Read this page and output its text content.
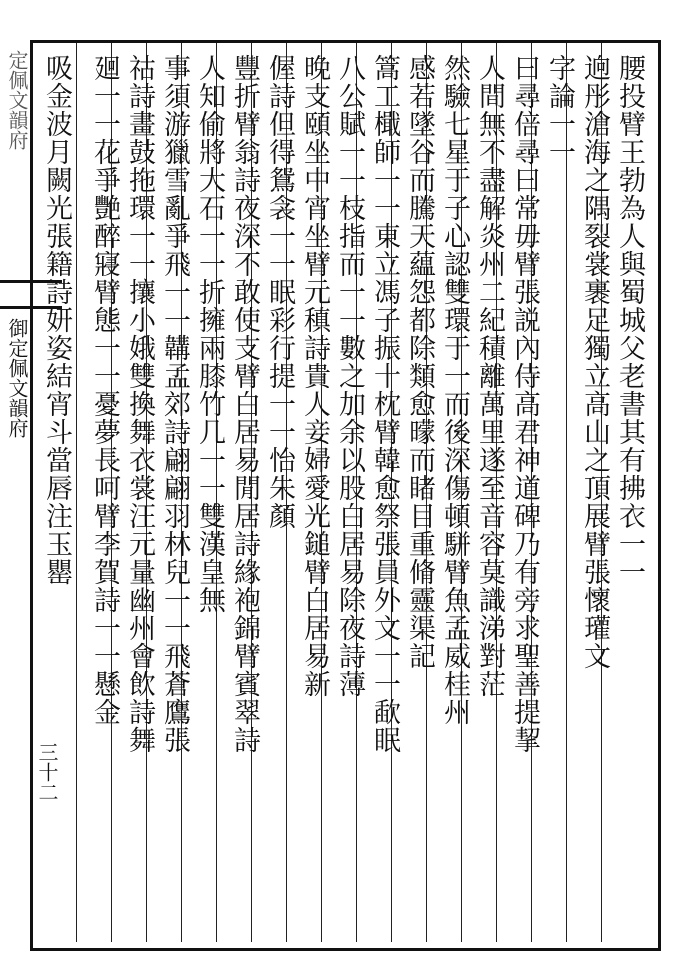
腰投臂王勃為人與蜀城父老書其有拂衣一一
逈彤滄海之隅裂裳裹足獨立高山之頂展臂張懷瓘文
字論一一
曰尋倍尋曰常毋臂張説內侍高君神道碑乃有旁求聖善提挈
人間無不盡解炎州二紀積離萬里遂至音容莫識涕對茫
然驗七星于子心認雙環于一而後深傷頓駢臂魚孟威桂州
感若墜谷而騰天藴怨都除類愈曚而睹目重脩靈渠記
篙工檝師一一東立馮子振十枕臂韓愈祭張員外文一一歃眠
八公賦一一枝指而一一數之加余以股白居易除夜詩薄
晚支頤坐中宵坐臂元稹詩貴人妾婦愛光鎚臂白居易新
偓詩但得鴛衾一一眠彩行提一一怡朱顏
豐折臂翁詩夜深不敢使支臂白居易閒居詩緣袍錦臂賓翠詩
人知偷將大石一一折擁兩膝竹几一一雙漢皇無
事須游獵雪亂爭飛一一韝孟郊詩翩翩羽林兒一一飛蒼鷹張
祜詩畫鼓拖環一一攘小娥雙換舞衣裳汪元量幽州會飲詩舞
廻一一花爭艷醉寢臂態一一憂夢長呵臂李賀詩一一懸金
吸金波月闕光張籍詩妍姿結宵斗當唇注玉罌
定佩文韻府
御定佩文韻府
三十二
